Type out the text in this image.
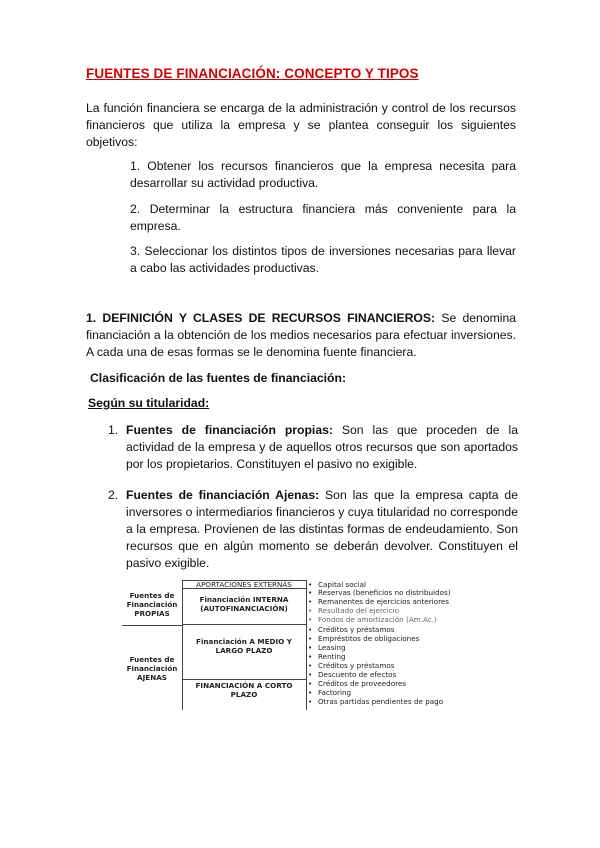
FUENTES DE FINANCIACIÓN: CONCEPTO Y TIPOS
La función financiera se encarga de la administración y control de los recursos financieros que utiliza la empresa y se plantea conseguir los siguientes objetivos:
1. Obtener los recursos financieros que la empresa necesita para desarrollar su actividad productiva.
2. Determinar la estructura financiera más conveniente para la empresa.
3. Seleccionar los distintos tipos de inversiones necesarias para llevar a cabo las actividades productivas.
1. DEFINICIÓN Y CLASES DE RECURSOS FINANCIEROS: Se denomina financiación a la obtención de los medios necesarios para efectuar inversiones. A cada una de esas formas se le denomina fuente financiera.
Clasificación de las fuentes de financiación:
Según su titularidad:
1. Fuentes de financiación propias: Son las que proceden de la actividad de la empresa y de aquellos otros recursos que son aportados por los propietarios. Constituyen el pasivo no exigible.
2. Fuentes de financiación Ajenas: Son las que la empresa capta de inversores o intermediarios financieros y cuya titularidad no corresponde a la empresa. Provienen de las distintas formas de endeudamiento. Son recursos que en algún momento se deberán devolver. Constituyen el pasivo exigible.
Fuentes de Financiación PROPIAS
Fuentes de Financiación AJENAS
APORTACIONES EXTERNAS
Financiación INTERNA (AUTOFINANCIACIÓN)
Financiación A MEDIO Y LARGO PLAZO
FINANCIACIÓN A CORTO PLAZO
• Capital social
• Reservas (beneficios no distribuidos)
• Remanentes de ejercicios anteriores
• Resultado del ejercicio
• Fondos de amortización (Am.Ac.)
• Créditos y préstamos
• Empréstitos de obligaciones
• Leasing
• Renting
• Créditos y préstamos
• Descuento de efectos
• Créditos de proveedores
• Factoring
• Otras partidas pendientes de pago
